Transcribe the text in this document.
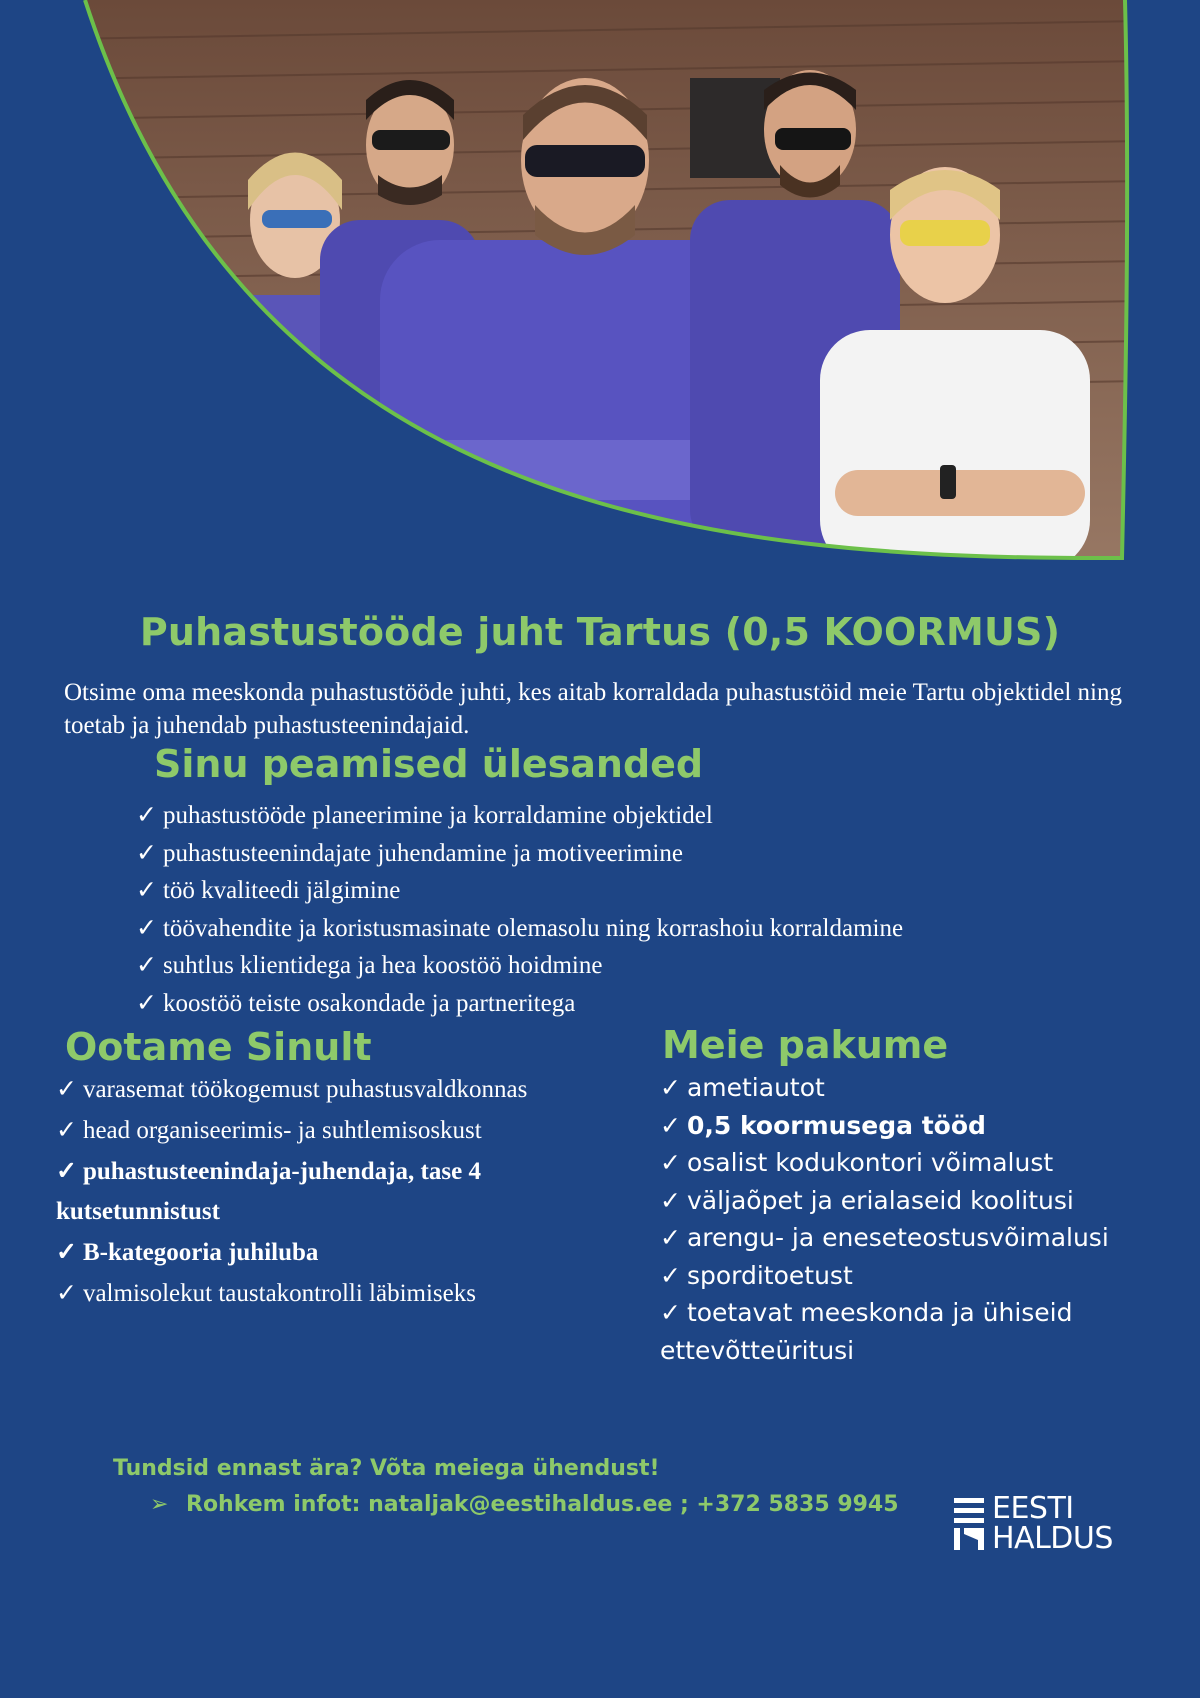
Puhastustööde juht Tartus (0,5 KOORMUS)
Otsime oma meeskonda puhastustööde juhti, kes aitab korraldada puhastustöid meie Tartu objektidel ning toetab ja juhendab puhastusteenindajaid.
Sinu peamised ülesanded
✓ puhastustööde planeerimine ja korraldamine objektidel
✓ puhastusteenindajate juhendamine ja motiveerimine
✓ töö kvaliteedi jälgimine
✓ töövahendite ja koristusmasinate olemasolu ning korrashoiu korraldamine
✓ suhtlus klientidega ja hea koostöö hoidmine
✓ koostöö teiste osakondade ja partneritega
Ootame Sinult
✓ varasemat töökogemust puhastusvaldkonnas
✓ head organiseerimis- ja suhtlemisoskust
✓ puhastusteenindaja-juhendaja, tase 4 kutsetunnistust
✓ B-kategooria juhiluba
✓ valmisolekut taustakontrolli läbimiseks
Meie pakume
✓ ametiautot
✓ 0,5 koormusega tööd
✓ osalist kodukontori võimalust
✓ väljaõpet ja erialaseid koolitusi
✓ arengu- ja eneseteostusvõimalusi
✓ sporditoetust
✓ toetavat meeskonda ja ühiseid ettevõtteüritusi
Tundsid ennast ära? Võta meiega ühendust!
➢ Rohkem infot: nataljak@eestihaldus.ee ; +372 5835 9945	EESTI
HALDUS
